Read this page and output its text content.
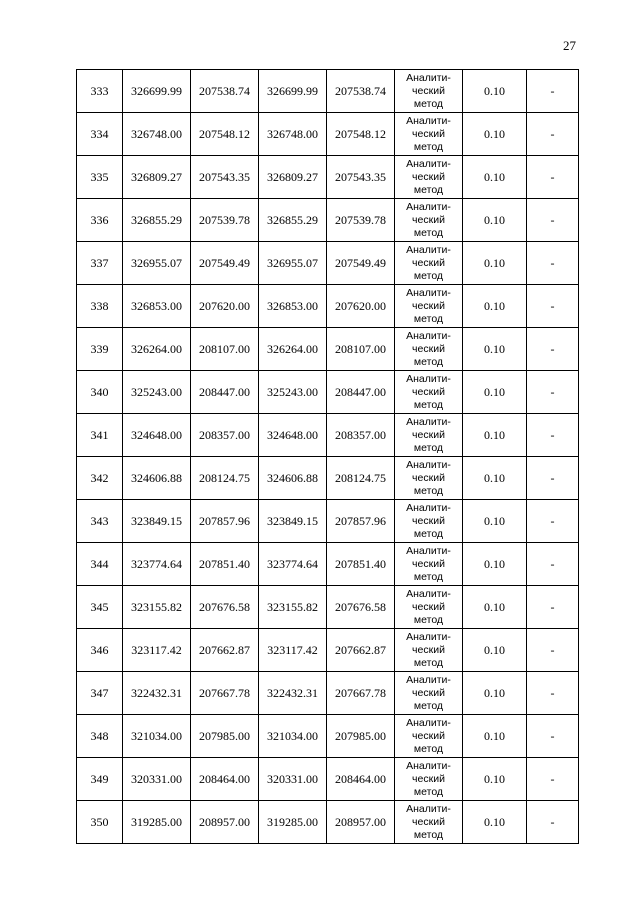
27
333	326699.99	207538.74	326699.99	207538.74	Аналити-
ческий
метод	0.10	-
334	326748.00	207548.12	326748.00	207548.12	Аналити-
ческий
метод	0.10	-
335	326809.27	207543.35	326809.27	207543.35	Аналити-
ческий
метод	0.10	-
336	326855.29	207539.78	326855.29	207539.78	Аналити-
ческий
метод	0.10	-
337	326955.07	207549.49	326955.07	207549.49	Аналити-
ческий
метод	0.10	-
338	326853.00	207620.00	326853.00	207620.00	Аналити-
ческий
метод	0.10	-
339	326264.00	208107.00	326264.00	208107.00	Аналити-
ческий
метод	0.10	-
340	325243.00	208447.00	325243.00	208447.00	Аналити-
ческий
метод	0.10	-
341	324648.00	208357.00	324648.00	208357.00	Аналити-
ческий
метод	0.10	-
342	324606.88	208124.75	324606.88	208124.75	Аналити-
ческий
метод	0.10	-
343	323849.15	207857.96	323849.15	207857.96	Аналити-
ческий
метод	0.10	-
344	323774.64	207851.40	323774.64	207851.40	Аналити-
ческий
метод	0.10	-
345	323155.82	207676.58	323155.82	207676.58	Аналити-
ческий
метод	0.10	-
346	323117.42	207662.87	323117.42	207662.87	Аналити-
ческий
метод	0.10	-
347	322432.31	207667.78	322432.31	207667.78	Аналити-
ческий
метод	0.10	-
348	321034.00	207985.00	321034.00	207985.00	Аналити-
ческий
метод	0.10	-
349	320331.00	208464.00	320331.00	208464.00	Аналити-
ческий
метод	0.10	-
350	319285.00	208957.00	319285.00	208957.00	Аналити-
ческий
метод	0.10	-
